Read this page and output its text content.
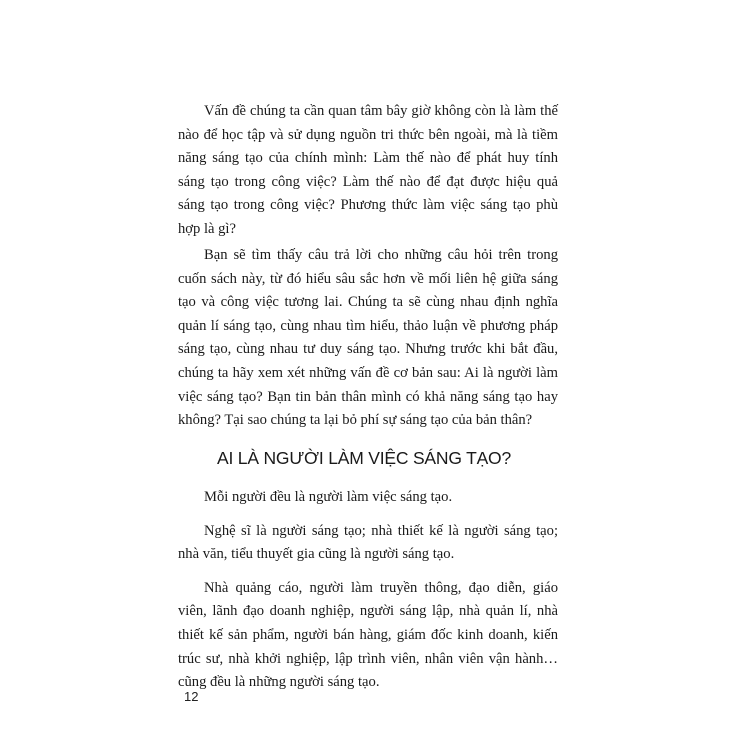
Vấn đề chúng ta cần quan tâm bây giờ không còn là làm thế nào để học tập và sử dụng nguồn tri thức bên ngoài, mà là tiềm năng sáng tạo của chính mình: Làm thế nào để phát huy tính sáng tạo trong công việc? Làm thế nào để đạt được hiệu quả sáng tạo trong công việc? Phương thức làm việc sáng tạo phù hợp là gì?

Bạn sẽ tìm thấy câu trả lời cho những câu hỏi trên trong cuốn sách này, từ đó hiểu sâu sắc hơn về mối liên hệ giữa sáng tạo và công việc tương lai. Chúng ta sẽ cùng nhau định nghĩa quản lí sáng tạo, cùng nhau tìm hiểu, thảo luận về phương pháp sáng tạo, cùng nhau tư duy sáng tạo. Nhưng trước khi bắt đầu, chúng ta hãy xem xét những vấn đề cơ bản sau: Ai là người làm việc sáng tạo? Bạn tin bản thân mình có khả năng sáng tạo hay không? Tại sao chúng ta lại bỏ phí sự sáng tạo của bản thân?

AI LÀ NGƯỜI LÀM VIỆC SÁNG TẠO?

Mỗi người đều là người làm việc sáng tạo.

Nghệ sĩ là người sáng tạo; nhà thiết kế là người sáng tạo; nhà văn, tiểu thuyết gia cũng là người sáng tạo.

Nhà quảng cáo, người làm truyền thông, đạo diễn, giáo viên, lãnh đạo doanh nghiệp, người sáng lập, nhà quản lí, nhà thiết kế sản phẩm, người bán hàng, giám đốc kinh doanh, kiến trúc sư, nhà khởi nghiệp, lập trình viên, nhân viên vận hành… cũng đều là những người sáng tạo.

12
